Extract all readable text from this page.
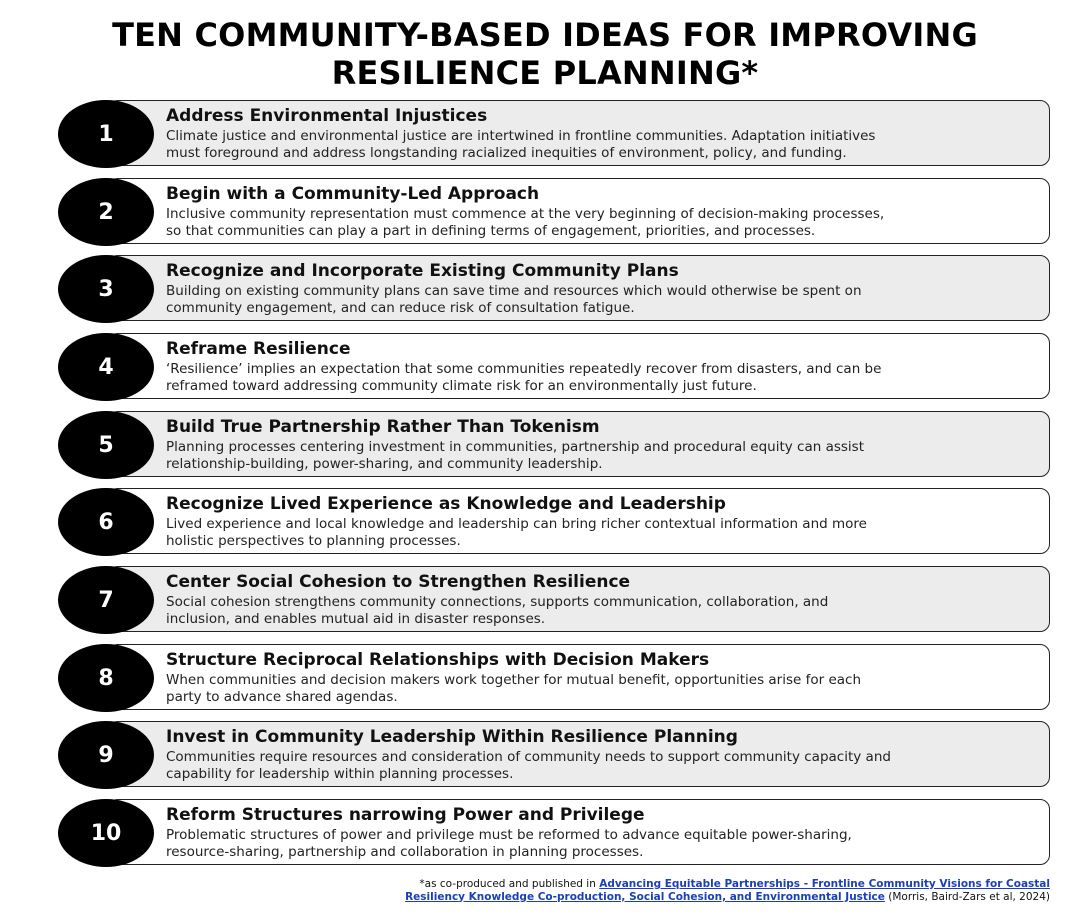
TEN COMMUNITY-BASED IDEAS FOR IMPROVING
RESILIENCE PLANNING*
1
Address Environmental Injustices
Climate justice and environmental justice are intertwined in frontline communities. Adaptation initiatives
must foreground and address longstanding racialized inequities of environment, policy, and funding.
2
Begin with a Community-Led Approach
Inclusive community representation must commence at the very beginning of decision-making processes,
so that communities can play a part in defining terms of engagement, priorities, and processes.
3
Recognize and Incorporate Existing Community Plans
Building on existing community plans can save time and resources which would otherwise be spent on
community engagement, and can reduce risk of consultation fatigue.
4
Reframe Resilience
‘Resilience’ implies an expectation that some communities repeatedly recover from disasters, and can be
reframed toward addressing community climate risk for an environmentally just future.
5
Build True Partnership Rather Than Tokenism
Planning processes centering investment in communities, partnership and procedural equity can assist
relationship-building, power-sharing, and community leadership.
6
Recognize Lived Experience as Knowledge and Leadership
Lived experience and local knowledge and leadership can bring richer contextual information and more
holistic perspectives to planning processes.
7
Center Social Cohesion to Strengthen Resilience
Social cohesion strengthens community connections, supports communication, collaboration, and
inclusion, and enables mutual aid in disaster responses.
8
Structure Reciprocal Relationships with Decision Makers
When communities and decision makers work together for mutual benefit, opportunities arise for each
party to advance shared agendas.
9
Invest in Community Leadership Within Resilience Planning
Communities require resources and consideration of community needs to support community capacity and
capability for leadership within planning processes.
10
Reform Structures narrowing Power and Privilege
Problematic structures of power and privilege must be reformed to advance equitable power-sharing,
resource-sharing, partnership and collaboration in planning processes.
*as co-produced and published in Advancing Equitable Partnerships - Frontline Community Visions for Coastal
Resiliency Knowledge Co-production, Social Cohesion, and Environmental Justice (Morris, Baird-Zars et al, 2024)
